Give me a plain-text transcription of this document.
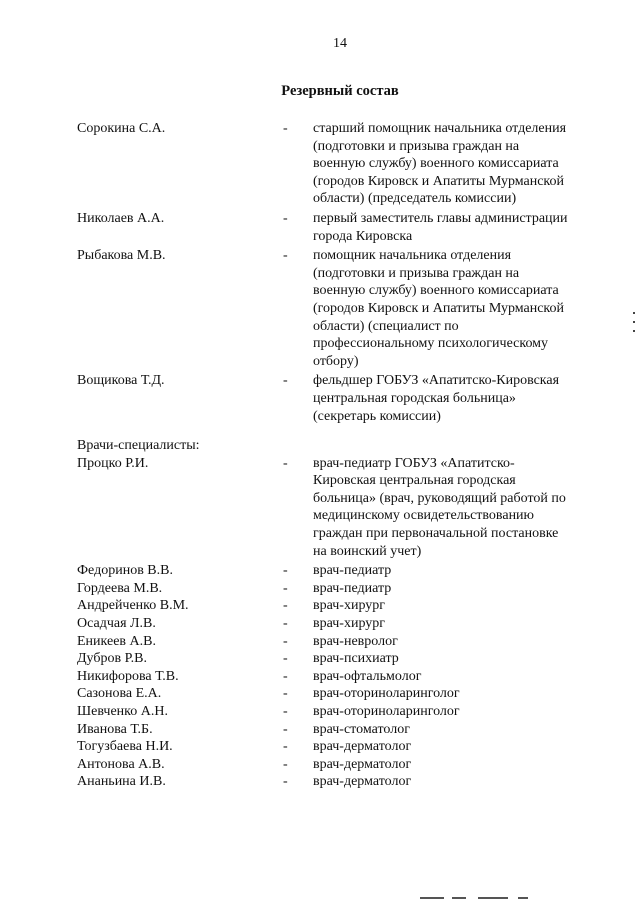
14
Резервный состав
Сорокина С.А.	- старший помощник начальника отделения
(подготовки и призыва граждан на
военную службу) военного комиссариата
(городов Кировск и Апатиты Мурманской
области) (председатель комиссии)
Николаев А.А.	- первый заместитель главы администрации
города Кировска
Рыбакова М.В.	- помощник начальника отделения
(подготовки и призыва граждан на
военную службу) военного комиссариата
(городов Кировск и Апатиты Мурманской
области) (специалист по
профессиональному психологическому
отбору)
Вощикова Т.Д.	- фельдшер ГОБУЗ «Апатитско-Кировская
центральная городская больница»
(секретарь комиссии)
Врачи-специалисты:
Процко Р.И.	- врач-педиатр ГОБУЗ «Апатитско-
Кировская центральная городская
больница» (врач, руководящий работой по
медицинскому освидетельствованию
граждан при первоначальной постановке
на воинский учет)
Федоринов В.В.	- врач-педиатр
Гордеева М.В.	- врач-педиатр
Андрейченко В.М.	- врач-хирург
Осадчая Л.В.	- врач-хирург
Еникеев А.В.	- врач-невролог
Дубров Р.В.	- врач-психиатр
Никифорова Т.В.	- врач-офтальмолог
Сазонова Е.А.	- врач-оториноларинголог
Шевченко А.Н.	- врач-оториноларинголог
Иванова Т.Б.	- врач-стоматолог
Тогузбаева Н.И.	- врач-дерматолог
Антонова А.В.	- врач-дерматолог
Ананьина И.В.	- врач-дерматолог
